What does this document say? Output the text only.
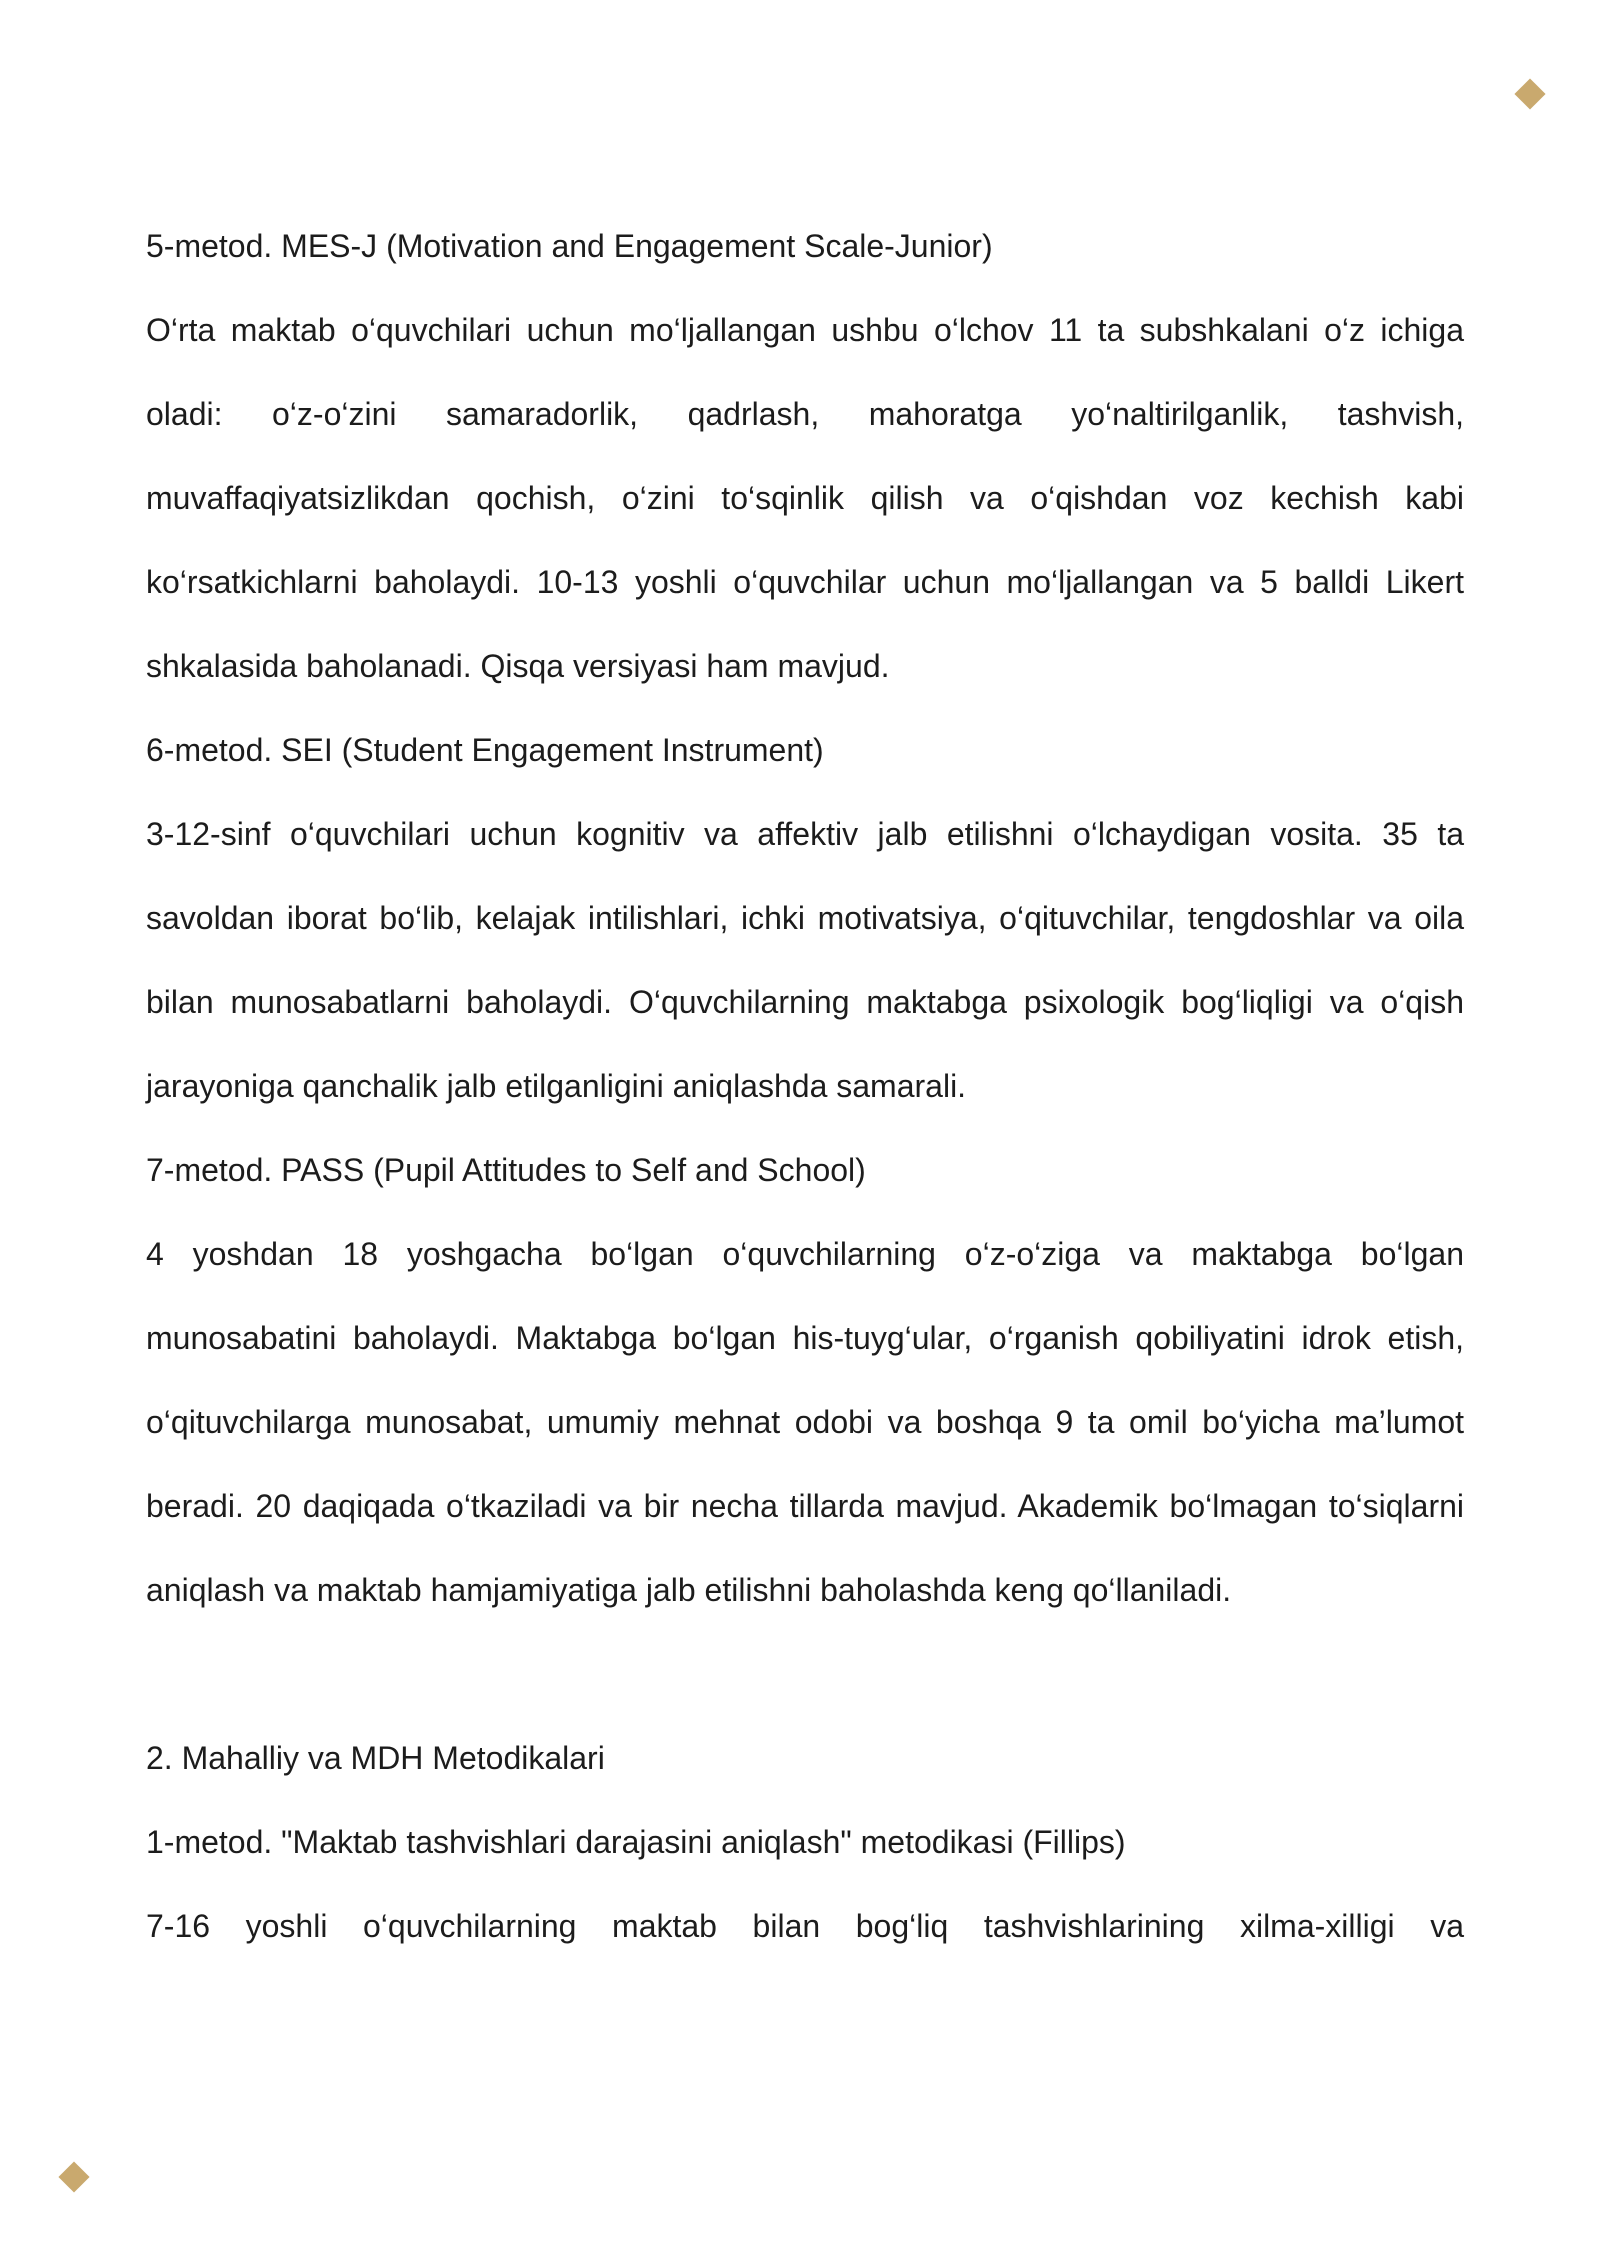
5-metod. MES-J (Motivation and Engagement Scale-Junior)

O‘rta maktab o‘quvchilari uchun mo‘ljallangan ushbu o‘lchov 11 ta subshkalani o‘z ichiga oladi: o‘z-o‘zini samaradorlik, qadrlash, mahoratga yo‘naltirilganlik, tashvish, muvaffaqiyatsizlikdan qochish, o‘zini to‘sqinlik qilish va o‘qishdan voz kechish kabi ko‘rsatkichlarni baholaydi. 10-13 yoshli o‘quvchilar uchun mo‘ljallangan va 5 balldi Likert shkalasida baholanadi. Qisqa versiyasi ham mavjud.

6-metod. SEI (Student Engagement Instrument)

3-12-sinf o‘quvchilari uchun kognitiv va affektiv jalb etilishni o‘lchaydigan vosita. 35 ta savoldan iborat bo‘lib, kelajak intilishlari, ichki motivatsiya, o‘qituvchilar, tengdoshlar va oila bilan munosabatlarni baholaydi. O‘quvchilarning maktabga psixologik bog‘liqligi va o‘qish jarayoniga qanchalik jalb etilganligini aniqlashda samarali.

7-metod. PASS (Pupil Attitudes to Self and School)

4 yoshdan 18 yoshgacha bo‘lgan o‘quvchilarning o‘z-o‘ziga va maktabga bo‘lgan munosabatini baholaydi. Maktabga bo‘lgan his-tuyg‘ular, o‘rganish qobiliyatini idrok etish, o‘qituvchilarga munosabat, umumiy mehnat odobi va boshqa 9 ta omil bo‘yicha ma’lumot beradi. 20 daqiqada o‘tkaziladi va bir necha tillarda mavjud. Akademik bo‘lmagan to‘siqlarni aniqlash va maktab hamjamiyatiga jalb etilishni baholashda keng qo‘llaniladi.

2. Mahalliy va MDH Metodikalari

1-metod. "Maktab tashvishlari darajasini aniqlash" metodikasi (Fillips)

7-16 yoshli o‘quvchilarning maktab bilan bog‘liq tashvishlarining xilma-xilligi va
